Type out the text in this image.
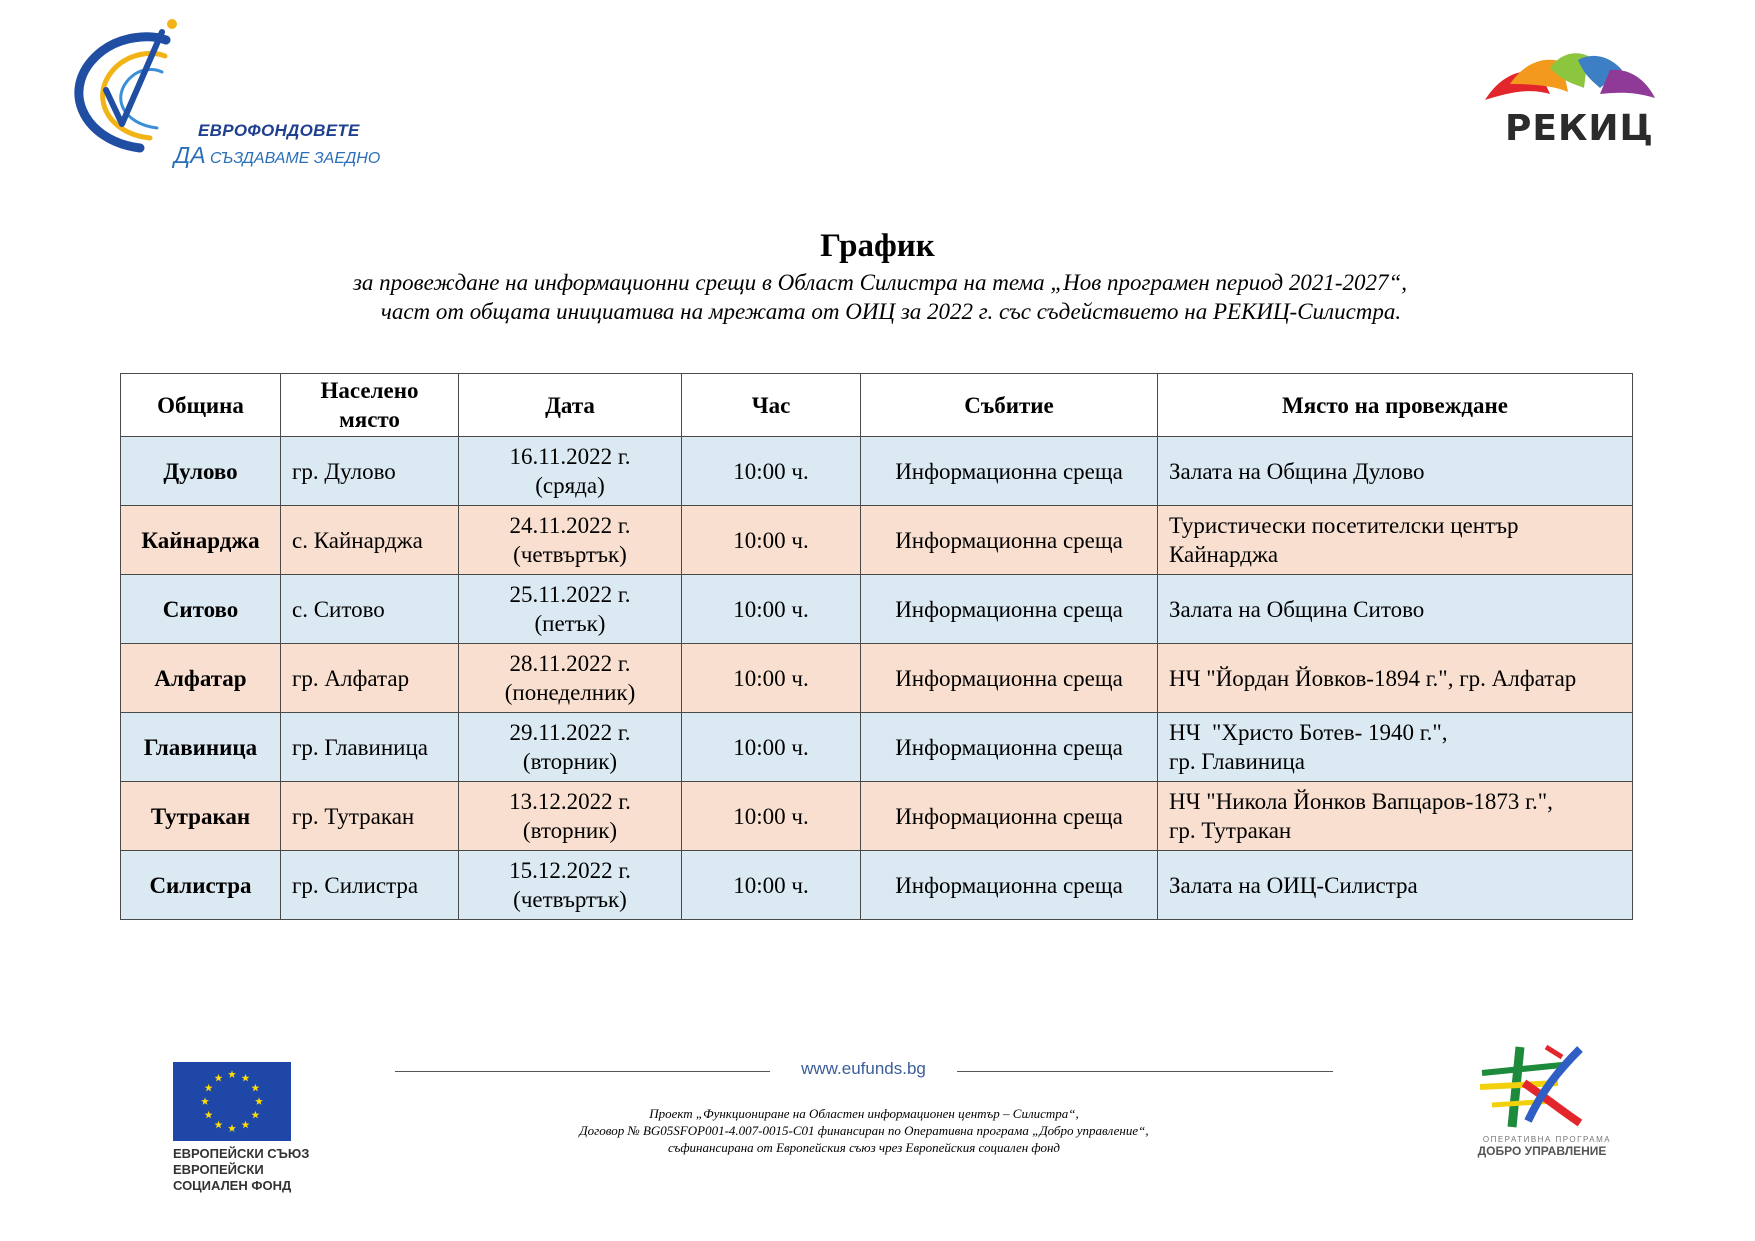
ЕВРОФОНДОВЕТЕ
ДА СЪЗДАВАМЕ ЗАЕДНО
РЕКИЦ
График
за провеждане на информационни срещи в Област Силистра на тема „Нов програмен период 2021-2027“,
част от общата инициатива на мрежата от ОИЦ за 2022 г. със съдействието на РЕКИЦ-Силистра.
Община	Населено
място	Дата	Час	Събитие	Място на провеждане
Дулово	гр. Дулово	16.11.2022 г.
(сряда)	10:00 ч.	Информационна среща	Залата на Община Дулово
Кайнарджа	с. Кайнарджа	24.11.2022 г.
(четвъртък)	10:00 ч.	Информационна среща	Туристически посетителски център
Кайнарджа
Ситово	с. Ситово	25.11.2022 г.
(петък)	10:00 ч.	Информационна среща	Залата на Община Ситово
Алфатар	гр. Алфатар	28.11.2022 г.
(понеделник)	10:00 ч.	Информационна среща	НЧ "Йордан Йовков-1894 г.", гр. Алфатар
Главиница	гр. Главиница	29.11.2022 г.
(вторник)	10:00 ч.	Информационна среща	НЧ  "Христо Ботев- 1940 г.",
гр. Главиница
Тутракан	гр. Тутракан	13.12.2022 г.
(вторник)	10:00 ч.	Информационна среща	НЧ "Никола Йонков Вапцаров-1873 г.",
гр. Тутракан
Силистра	гр. Силистра	15.12.2022 г.
(четвъртък)	10:00 ч.	Информационна среща	Залата на ОИЦ-Силистра
ЕВРОПЕЙСКИ СЪЮЗ
ЕВРОПЕЙСКИ
СОЦИАЛЕН ФОНД
www.eufunds.bg
Проект „Функциониране на Областен информационен център – Силистра“,
Договор № BG05SFOP001-4.007-0015-C01 финансиран по Оперативна програма „Добро управление“,
съфинансирана от Европейския съюз чрез Европейския социален фонд
ОПЕРАТИВНА ПРОГРАМА
ДОБРО УПРАВЛЕНИЕ
